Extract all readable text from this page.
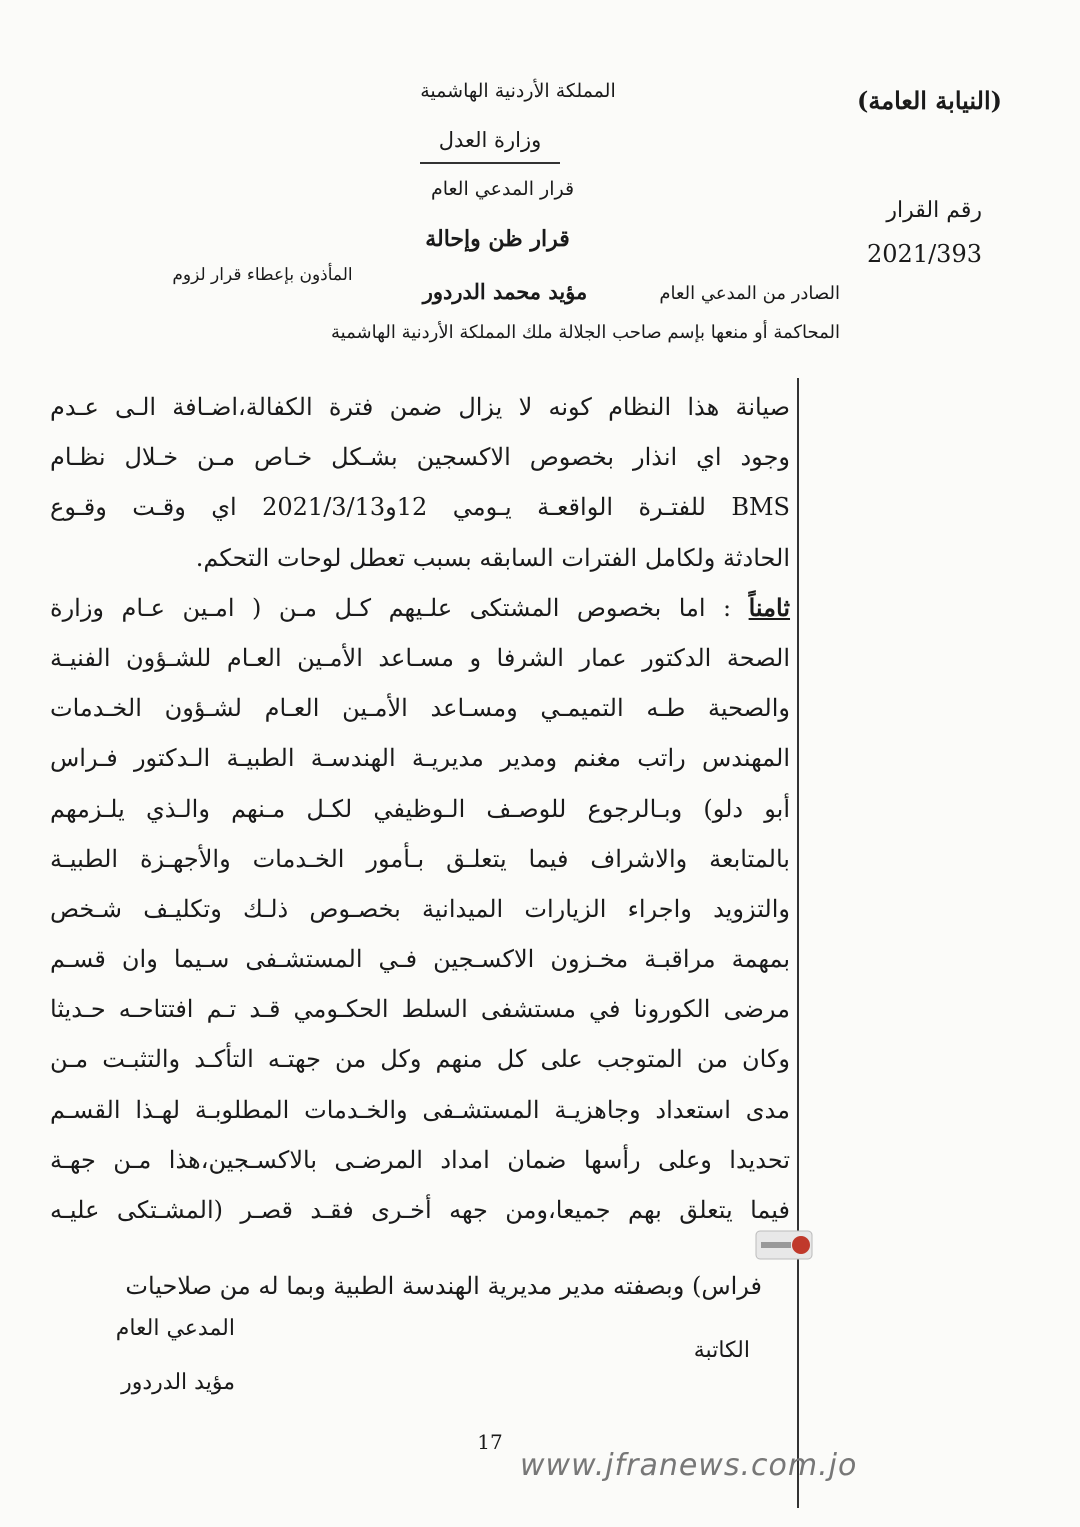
(النيابة العامة)
المملكة الأردنية الهاشمية
وزارة العدل
قرار المدعي العام
رقم القرار
2021/393
قرار ظن وإحالة
الصادر من المدعي العام
مؤيد محمد الدردور
المأذون بإعطاء قرار لزوم
المحاكمة أو منعها بإسم صاحب الجلالة ملك المملكة الأردنية الهاشمية
صيانة هذا النظام كونه لا يزال ضمن فترة الكفالة،اضـافة الـى عـدم
وجود اي انذار بخصوص الاكسجين بشـكل خـاص مـن خـلال نظـام
BMS للفتـرة الواقعـة يـومي 12و2021/3/13 اي وقـت وقـوع
الحادثة ولكامل الفترات السابقه بسبب تعطل لوحات التحكم.
ثامناً : اما بخصوص المشتكى علـيهم كـل مـن ( امـين عـام وزارة
الصحة الدكتور عمار الشرفا و مسـاعد الأمـين العـام للشـؤون الفنيـة
والصحية طـه التميمـي ومسـاعد الأمـين العـام لشـؤون الخـدمات
المهندس راتب مغنم ومدير مديريـة الهندسـة الطبيـة الـدكتور فـراس
أبو دلو) وبـالرجوع للوصـف الـوظيفي لكـل مـنهم والـذي يلـزمهم
بالمتابعة والاشراف فيما يتعلـق بـأمور الخـدمات والأجهـزة الطبيـة
والتزويد واجراء الزيارات الميدانية بخصـوص ذلـك وتكليـف شـخص
بمهمة مراقبـة مخـزون الاكسـجين فـي المستشـفى سـيما وان قسـم
مرضى الكورونا في مستشفى السلط الحكـومي قـد تـم افتتاحـه حـديثا
وكان من المتوجب على كل منهم وكل من جهتـه التأكـد والتثبـت مـن
مدى استعداد وجاهزيـة المستشـفى والخـدمات المطلوبـة لهـذا القسـم
تحديدا وعلى رأسها ضمان امداد المرضـى بالاكسـجين،هذا مـن جهـة
فيما يتعلق بهم جميعا،ومن جهه أخـرى فقـد قصـر (المشـتكى عليـه
فراس) وبصفته مدير مديرية الهندسة الطبية وبما له من صلاحيات
الكاتبة
المدعي العام
مؤيد الدردور
17
www.jfranews.com.jo
